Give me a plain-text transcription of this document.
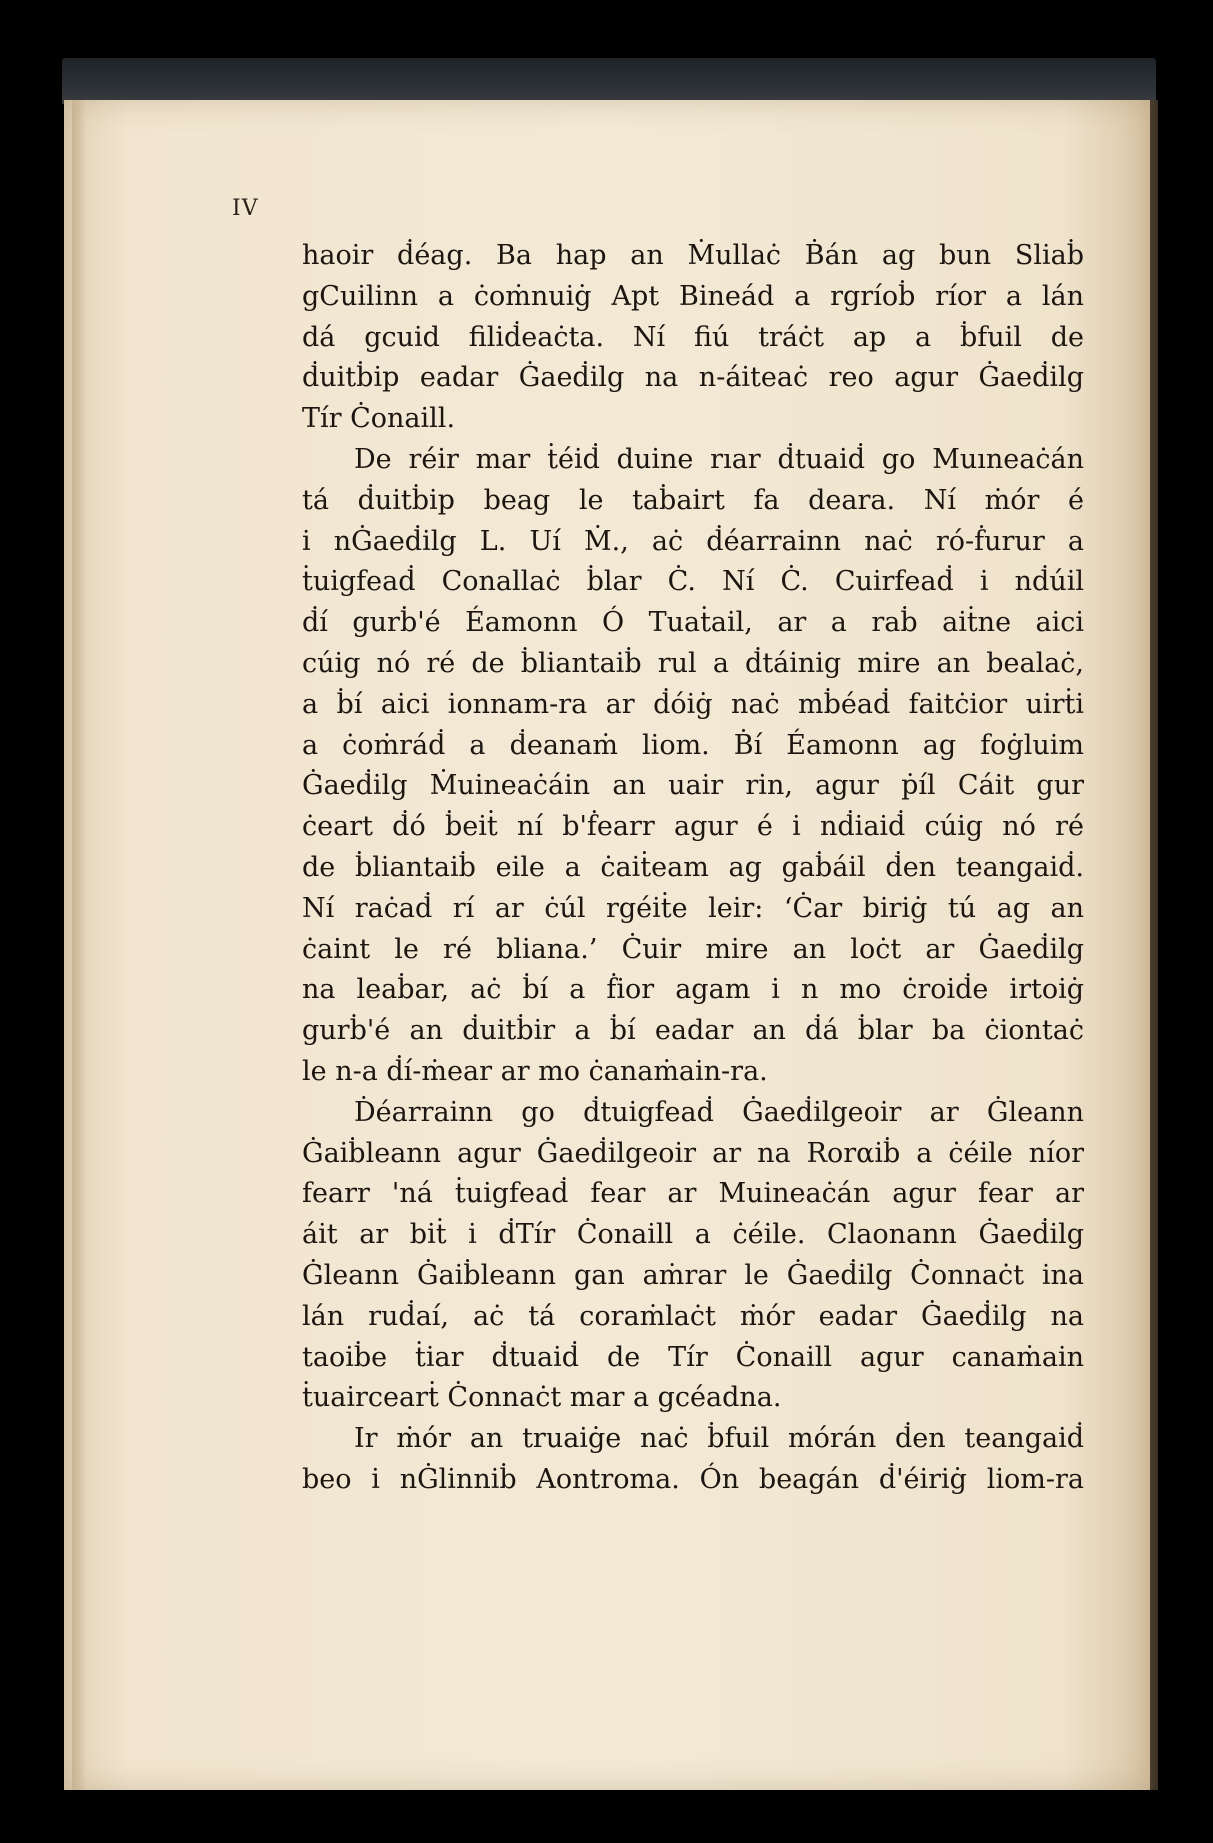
IV
haoir ḋéag. Ba hap an Ṁullaċ Ḃán ag bun Sliaḃ
gCuilinn a ċoṁnuiġ Apt Bineád a rgríoḃ ríor a lán
dá gcuid filiḋeaċta. Ní fiú tráċt ap a ḃfuil de
ḋuitḃip eadar Ġaeḋilg na n-áiteaċ reo agur Ġaeḋilg
Tír Ċonaill.
De réir mar ṫéiḋ duine rıar ḋtuaiḋ go Muıneaċán
tá ḋuitḃip beag le taḃairt fa deara. Ní ṁór é
i nĠaeḋilg L. Uí Ṁ., aċ ḋéarrainn naċ ró-ḟurur a
ṫuigfeaḋ Conallaċ ḃlar Ċ. Ní Ċ. Cuirfeaḋ i nḋúil
ḋí gurḃ'é Éamonn Ó Tuaṫail, ar a raḃ aiṫne aici
cúig nó ré de ḃliantaiḃ rul a ḋtáinig mire an bealaċ,
a ḃí aici ionnam-ra ar ḋóiġ naċ mḃéaḋ faitċior uirṫi
a ċoṁráḋ a ḋeanaṁ liom. Ḃí Éamonn ag foġluim
Ġaeḋilg Ṁuineaċáin an uair rin, agur ṗíl Cáit gur
ċeart ḋó ḃeiṫ ní b'ḟearr agur é i nḋiaiḋ cúig nó ré
de ḃliantaiḃ eile a ċaiṫeam ag gaḃáil ḋen teangaiḋ.
Ní raċaḋ rí ar ċúl rgéiṫe leir: ‘Ċar biriġ tú ag an
ċaint le ré bliana.’ Ċuir mire an loċt ar Ġaeḋilg
na leaḃar, aċ ḃí a ḟior agam i n mo ċroiḋe irtoiġ
gurḃ'é an ḋuitḃir a ḃí eadar an ḋá ḃlar ba ċiontaċ
le n-a ḋí-ṁear ar mo ċanaṁain-ra.
Ḋéarrainn go ḋtuigfeaḋ Ġaeḋilgeoir ar Ġleann
Ġaiḃleann agur Ġaeḋilgeoir ar na Rorαiḃ a ċéile níor
fearr 'ná ṫuigfeaḋ fear ar Muineaċán agur fear ar
áit ar biṫ i ḋTír Ċonaill a ċéile. Claonann Ġaeḋilg
Ġleann Ġaiḃleann gan aṁrar le Ġaeḋilg Ċonnaċt ina
lán ruḋaí, aċ tá coraṁlaċt ṁór eadar Ġaeḋilg na
taoiḃe ṫiar ḋtuaiḋ de Tír Ċonaill agur canaṁain
ṫuaircearṫ Ċonnaċt mar a gcéadna.
Ir ṁór an truaiġe naċ ḃfuil mórán ḋen teangaiḋ
beo i nĠlinniḃ Aontroma. Ón beagán ḋ'éiriġ liom-ra
